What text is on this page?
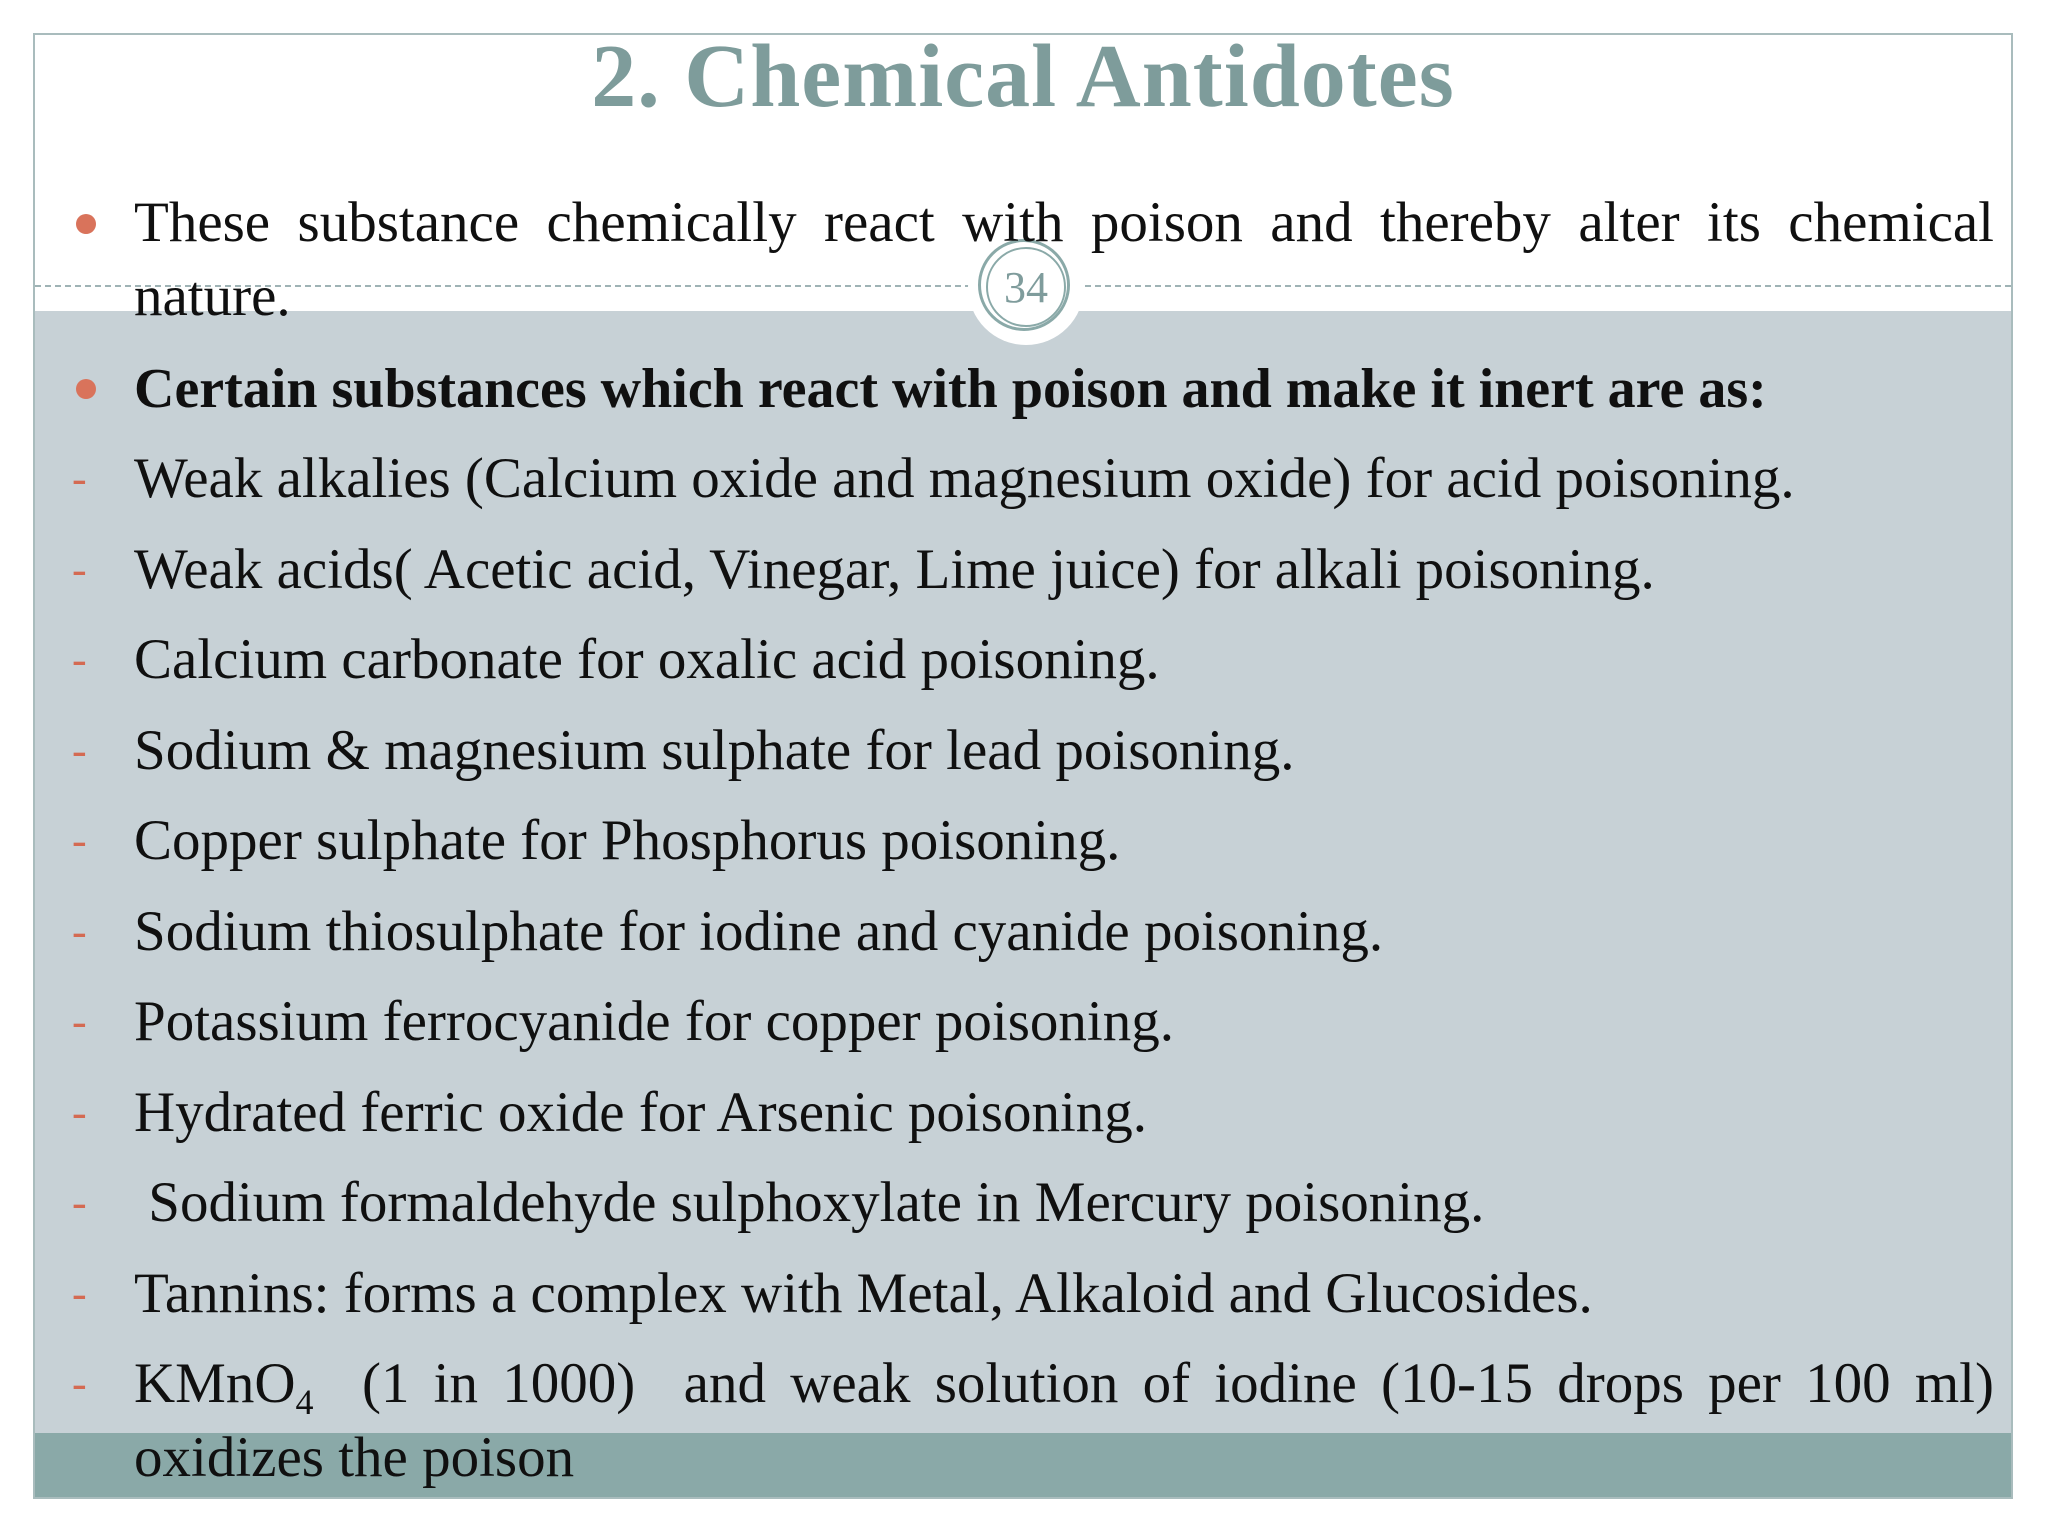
2. Chemical Antidotes
34
These substance chemically react with poison and thereby alter its chemical nature.
Certain substances which react with poison and make it inert are as:
- Weak alkalies (Calcium oxide and magnesium oxide) for acid poisoning.
- Weak acids( Acetic acid, Vinegar, Lime juice) for alkali poisoning.
- Calcium carbonate for oxalic acid poisoning.
- Sodium & magnesium sulphate for lead poisoning.
- Copper sulphate for Phosphorus poisoning.
- Sodium thiosulphate for iodine and cyanide poisoning.
- Potassium ferrocyanide for copper poisoning.
- Hydrated ferric oxide for Arsenic poisoning.
- Sodium formaldehyde sulphoxylate in Mercury poisoning.
- Tannins: forms a complex with Metal, Alkaloid and Glucosides.
- KMnO$_4$  (1 in 1000)  and weak solution of iodine (10-15 drops per 100 ml) oxidizes the poison
